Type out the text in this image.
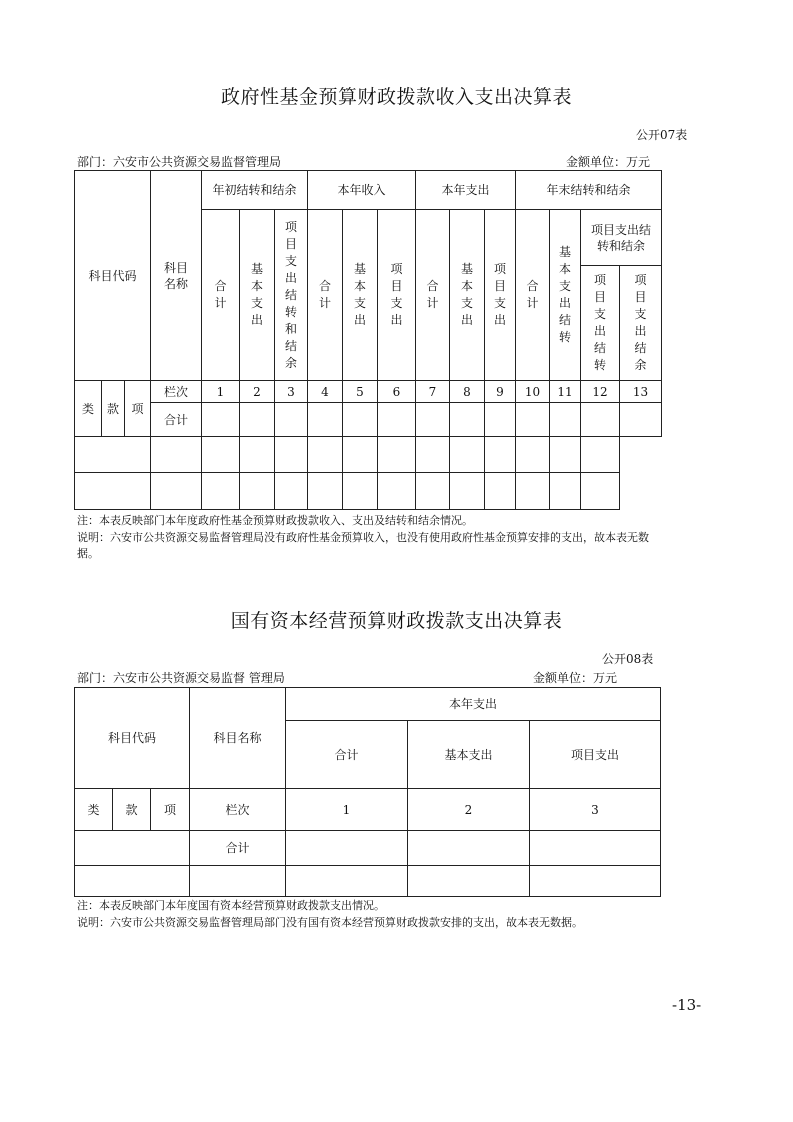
政府性基金预算财政拨款收入支出决算表
公开07表
部门：六安市公共资源交易监督管理局	金额单位：万元
科目代码			科目名称	年初结转和结余			本年收入			本年支出			年末结转和结余			

				合计	基本支出	项目支出结转和结余	合计	基本支出	项目支出	合计	基本支出	项目支出	合计	基本支出结转	项目支出结转和结余	

															项目支出结转	项目支出结余

类	款	项	栏次	1	2	3	4	5	6	7	8	9	10	11	12	13
			合计													

注：本表反映部门本年度政府性基金预算财政拨款收入、支出及结转和结余情况。
说明：六安市公共资源交易监督管理局没有政府性基金预算收入，也没有使用政府性基金预算安排的支出，故本表无数据。
国有资本经营预算财政拨款支出决算表
公开08表
部门：六安市公共资源交易监督 管理局	金额单位：万元
科目代码			科目名称	本年支出		
				合计	基本支出	项目支出
类	款	项	栏次	1	2	3
			合计			

注：本表反映部门本年度国有资本经营预算财政拨款支出情况。
说明：六安市公共资源交易监督管理局部门没有国有资本经营预算财政拨款安排的支出，故本表无数据。
-13-
